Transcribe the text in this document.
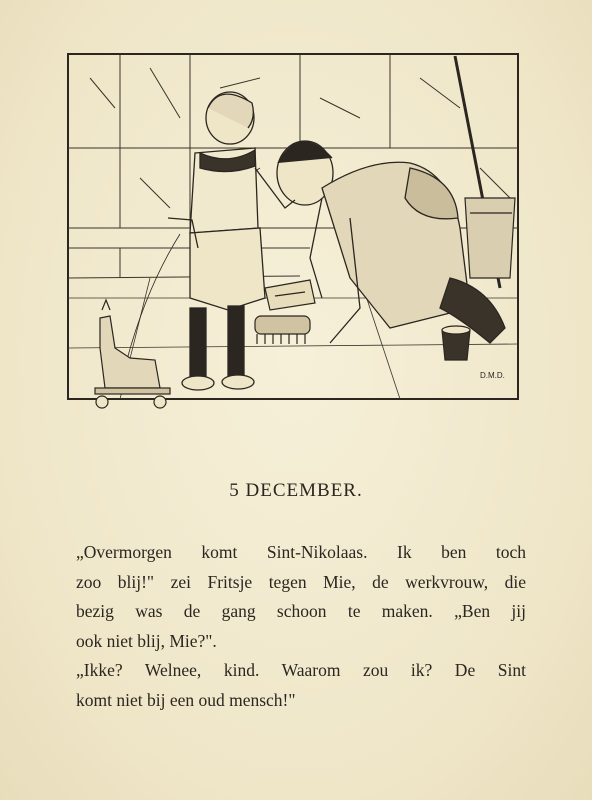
D.M.D.
5 DECEMBER.

„Overmorgen komt Sint-Nikolaas. Ik ben toch
zoo blij!" zei Fritsje tegen Mie, de werkvrouw, die
bezig was de gang schoon te maken. „Ben jij
ook niet blij, Mie?".

„Ikke? Welnee, kind. Waarom zou ik? De Sint
komt niet bij een oud mensch!"
